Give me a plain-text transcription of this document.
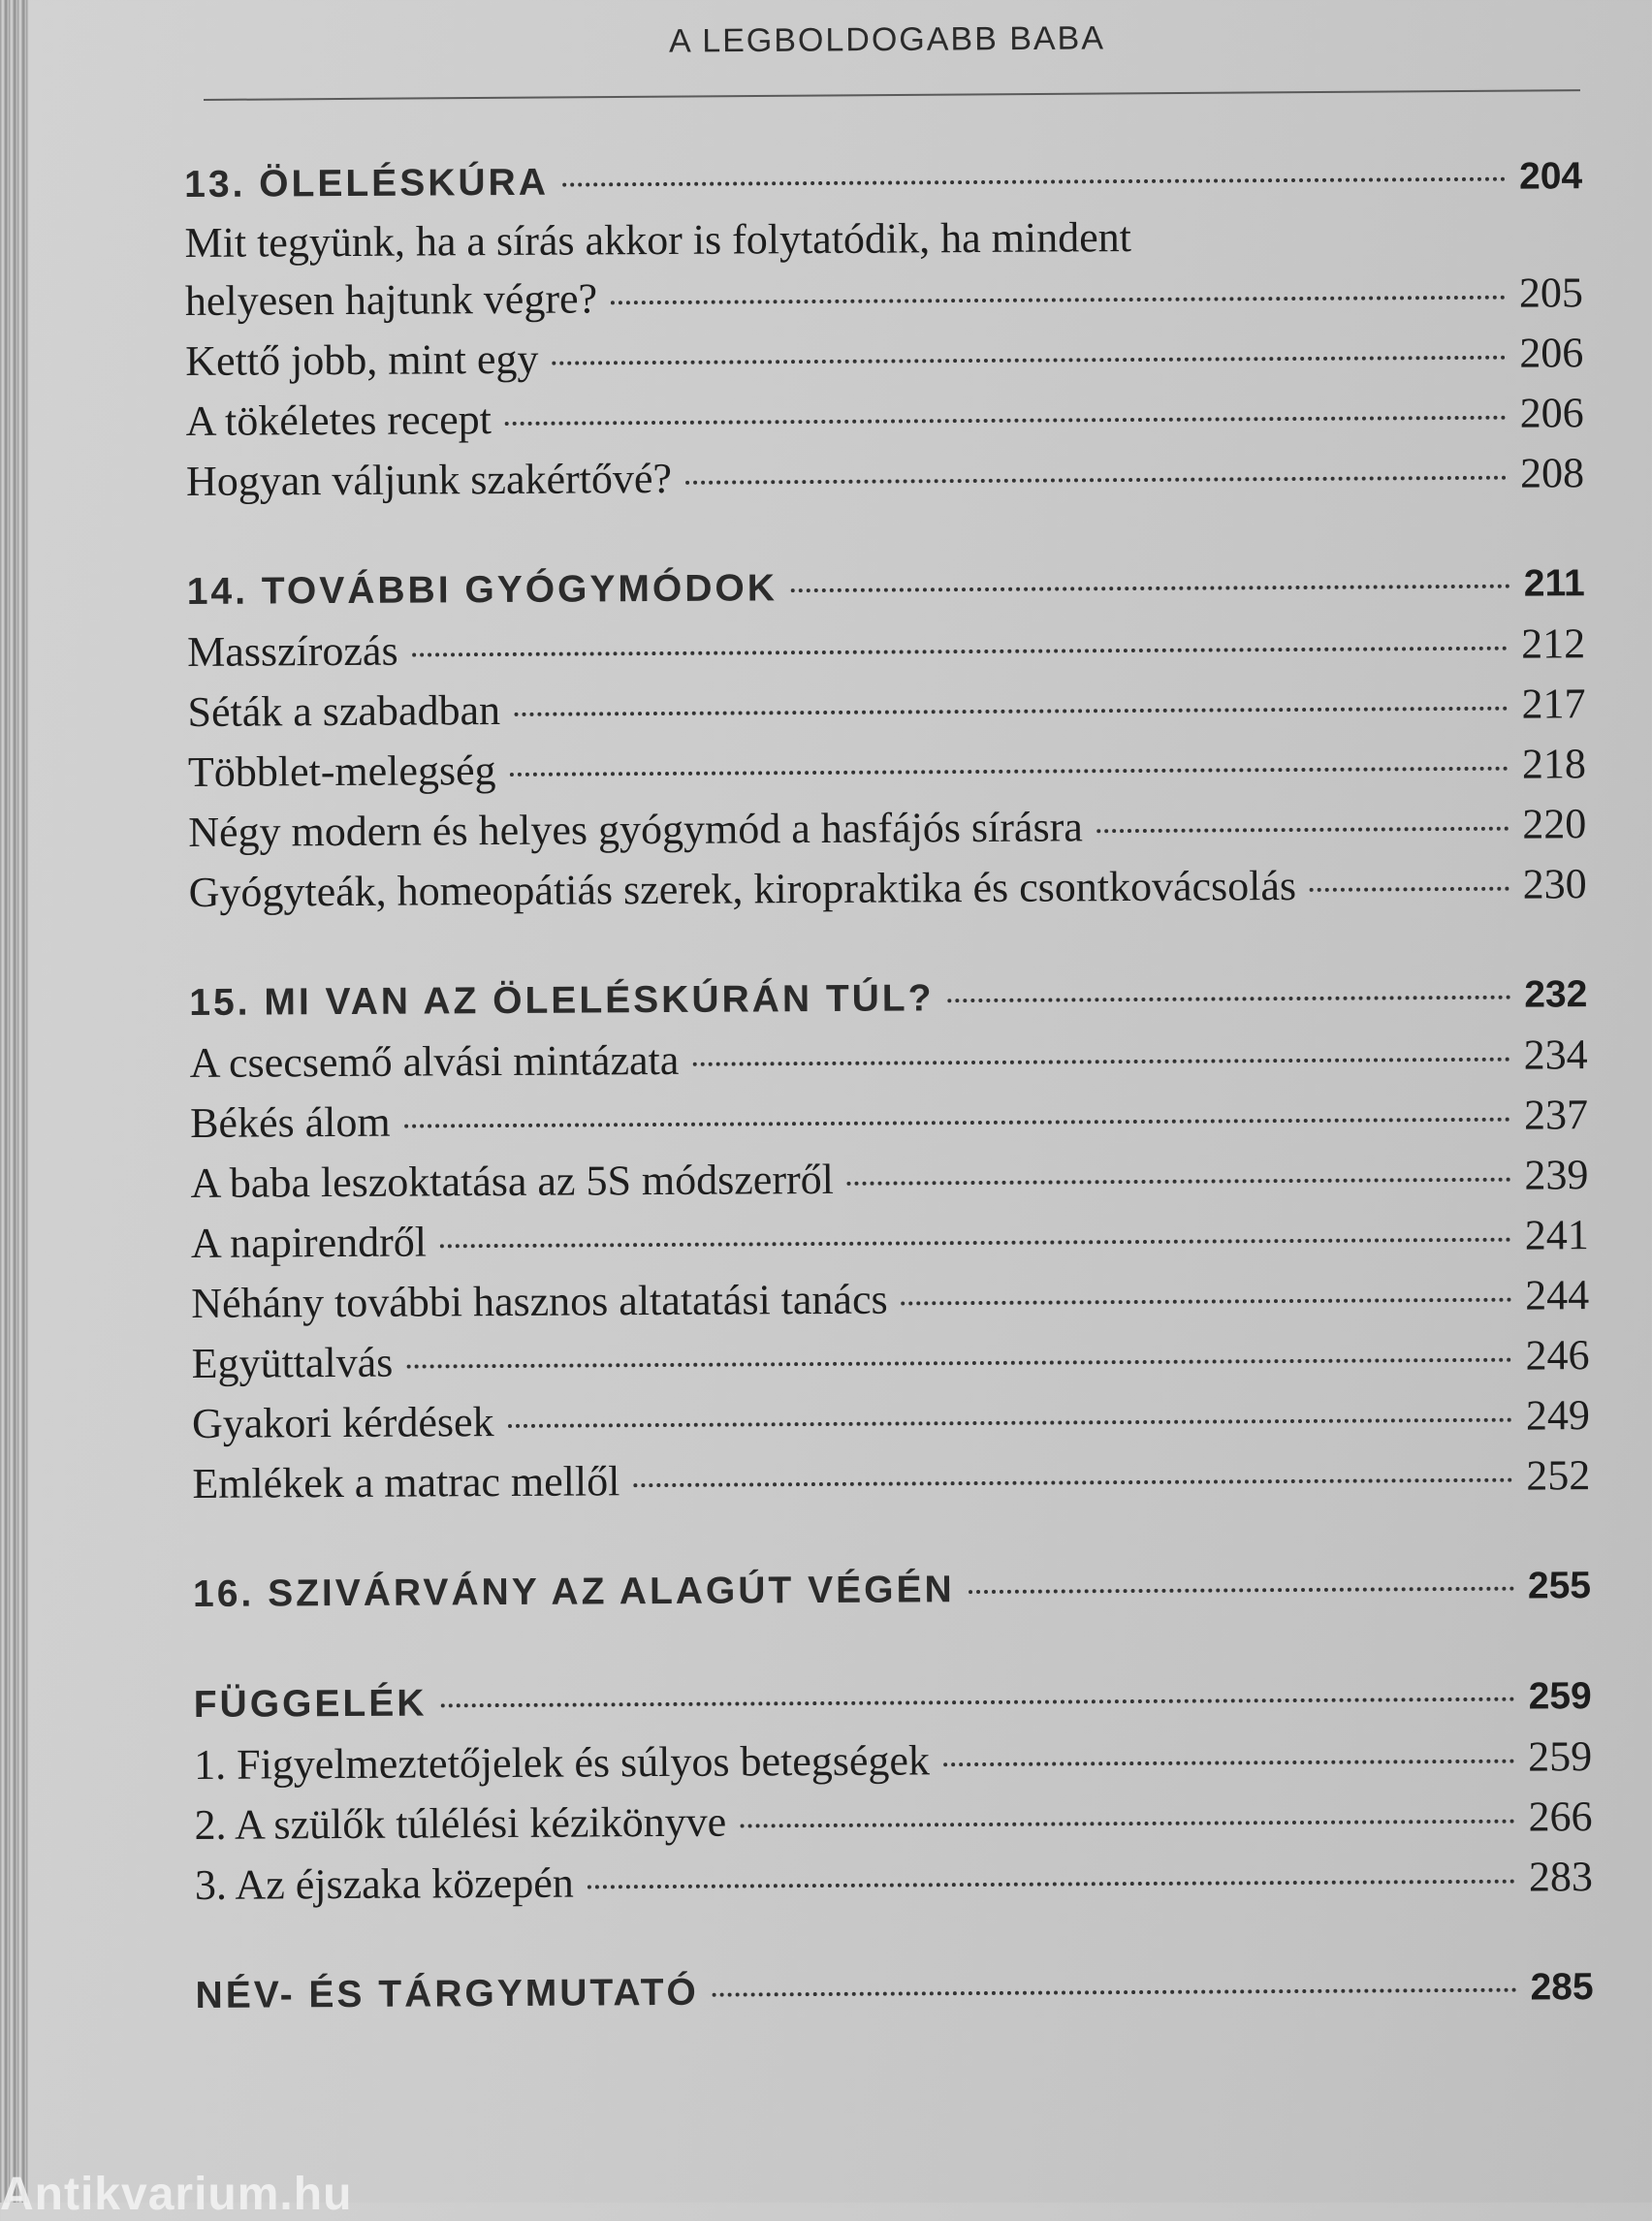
A LEGBOLDOGABB BABA
13. ÖLELÉSKÚRA	204
Mit tegyünk, ha a sírás akkor is folytatódik, ha mindent
helyesen hajtunk végre?	205
Kettő jobb, mint egy	206
A tökéletes recept	206
Hogyan váljunk szakértővé?	208
14. TOVÁBBI GYÓGYMÓDOK	211
Masszírozás	212
Séták a szabadban	217
Többlet-melegség	218
Négy modern és helyes gyógymód a hasfájós sírásra	220
Gyógyteák, homeopátiás szerek, kiropraktika és csontkovácsolás	230
15. MI VAN AZ ÖLELÉSKÚRÁN TÚL?	232
A csecsemő alvási mintázata	234
Békés álom	237
A baba leszoktatása az 5S módszerről	239
A napirendről	241
Néhány további hasznos altatatási tanács	244
Együttalvás	246
Gyakori kérdések	249
Emlékek a matrac mellől	252
16. SZIVÁRVÁNY AZ ALAGÚT VÉGÉN	255
FÜGGELÉK	259
1. Figyelmeztetőjelek és súlyos betegségek	259
2. A szülők túlélési kézikönyve	266
3. Az éjszaka közepén	283
NÉV- ÉS TÁRGYMUTATÓ	285
Antikvarium.hu
